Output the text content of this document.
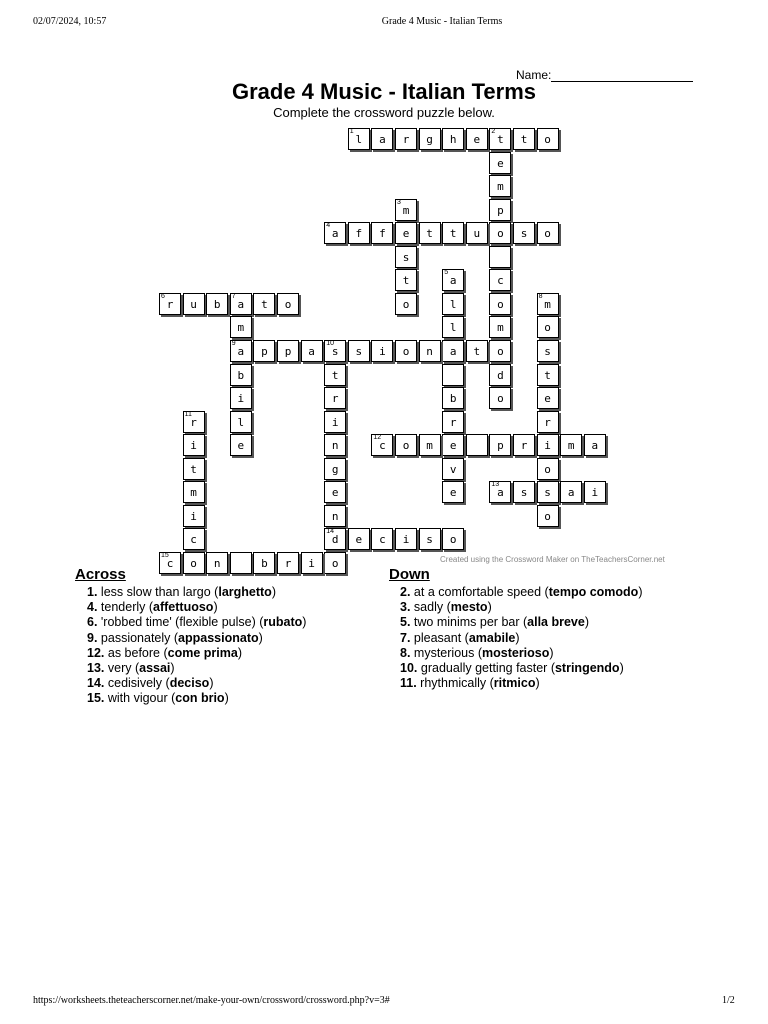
02/07/2024, 10:57	Grade 4 Music - Italian Terms
Name:
Grade 4 Music - Italian Terms
Complete the crossword puzzle below.
l
1
a	r	g	h	e	t
2
t	o
e
m
p
o
c
o
m
o
d
o
m
3
e
s
t
o
a
4
f	f	t	t	u	s	o
a
5
l
l
a
b
r
e
v
e
r
6
u	b	a
7
t	o
m
a
9
b
i
l
e
m
8
o
s
t
e
r
i
o
s
o
p	p	a	s
10
s	i	o	n	t
t
r
i
n
g
e
n
d
14
o
r
11
i
t
m
i
c
o
c
12
o	m	p	r	m	a
a
13
s	a	i
e	c	i	s	o
c
15
n	b	r	i	Created using the Crossword Maker on TheTeachersCorner.net
Across
1. less slow than largo (larghetto)
4. tenderly (affettuoso)
6. 'robbed time' (flexible pulse) (rubato)
9. passionately (appassionato)
12. as before (come prima)
13. very (assai)
14. cedisively (deciso)
15. with vigour (con brio)
Down
2. at a comfortable speed (tempo comodo)
3. sadly (mesto)
5. two minims per bar (alla breve)
7. pleasant (amabile)
8. mysterious (mosterioso)
10. gradually getting faster (stringendo)
11. rhythmically (ritmico)
https://worksheets.theteacherscorner.net/make-your-own/crossword/crossword.php?v=3#	1/2
